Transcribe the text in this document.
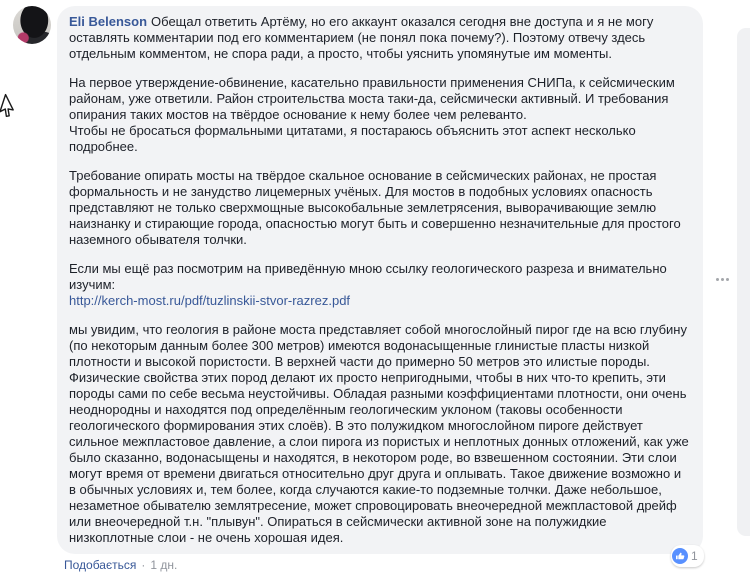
Eli Belenson Обещал ответить Артёму, но его аккаунт оказался сегодня вне доступа и я не могу оставлять комментарии под его комментарием (не понял пока почему?). Поэтому отвечу здесь отдельным комментом, не спора ради, а просто, чтобы уяснить упомянутые им моменты.

На первое утверждение-обвинение, касательно правильности применения СНИПа, к сейсмическим районам, уже ответили. Район строительства моста таки-да, сейсмически активный. И требования опирания таких мостов на твёрдое основание к нему более чем релеванто.
Чтобы не бросаться формальными цитатами, я постараюсь объяснить этот аспект несколько подробнее.

Требование опирать мосты на твёрдое скальное основание в сейсмических районах, не простая формальность и не занудство лицемерных учёных. Для мостов в подобных условиях опасность представляют не только сверхмощные высокобальные землетрясения, выворачивающие землю наизнанку и стирающие города, опасностью могут быть и совершенно незначительные для простого наземного обывателя толчки.

Если мы ещё раз посмотрим на приведённую мною ссылку геологического разреза и внимательно изучим:
http://kerch-most.ru/pdf/tuzlinskii-stvor-razrez.pdf

мы увидим, что геология в районе моста представляет собой многослойный пирог где на всю глубину (по некоторым данным более 300 метров) имеются водонасыщенные глинистые пласты низкой плотности и высокой пористости. В верхней части до примерно 50 метров это илистые породы. Физические свойства этих пород делают их просто непригодными, чтобы в них что-то крепить, эти породы сами по себе весьма неустойчивы. Обладая разными коэффициентами плотности, они очень неоднородны и находятся под определённым геологическим уклоном (таковы особенности геологического формирования этих слоёв). В это полужидком многослойном пироге действует сильное межпластовое давление, а слои пирога из пористых и неплотных донных отложений, как уже было сказанно, водонасыщены и находятся, в некотором роде, во взвешенном состоянии. Эти слои могут время от времени двигаться относительно друг друга и оплывать. Такое движение возможно и в обычных условиях и, тем более, когда случаются какие-то подземные толчки. Даже небольшое, незаметное обывателю землятресение, может спровоцировать внеочередной межпластовой дрейф или внеочередной т.н. "плывун". Опираться в сейсмически активной зоне на полужидкие низкоплотные слои - не очень хорошая идея.

1
Подобається · 1 дн.
